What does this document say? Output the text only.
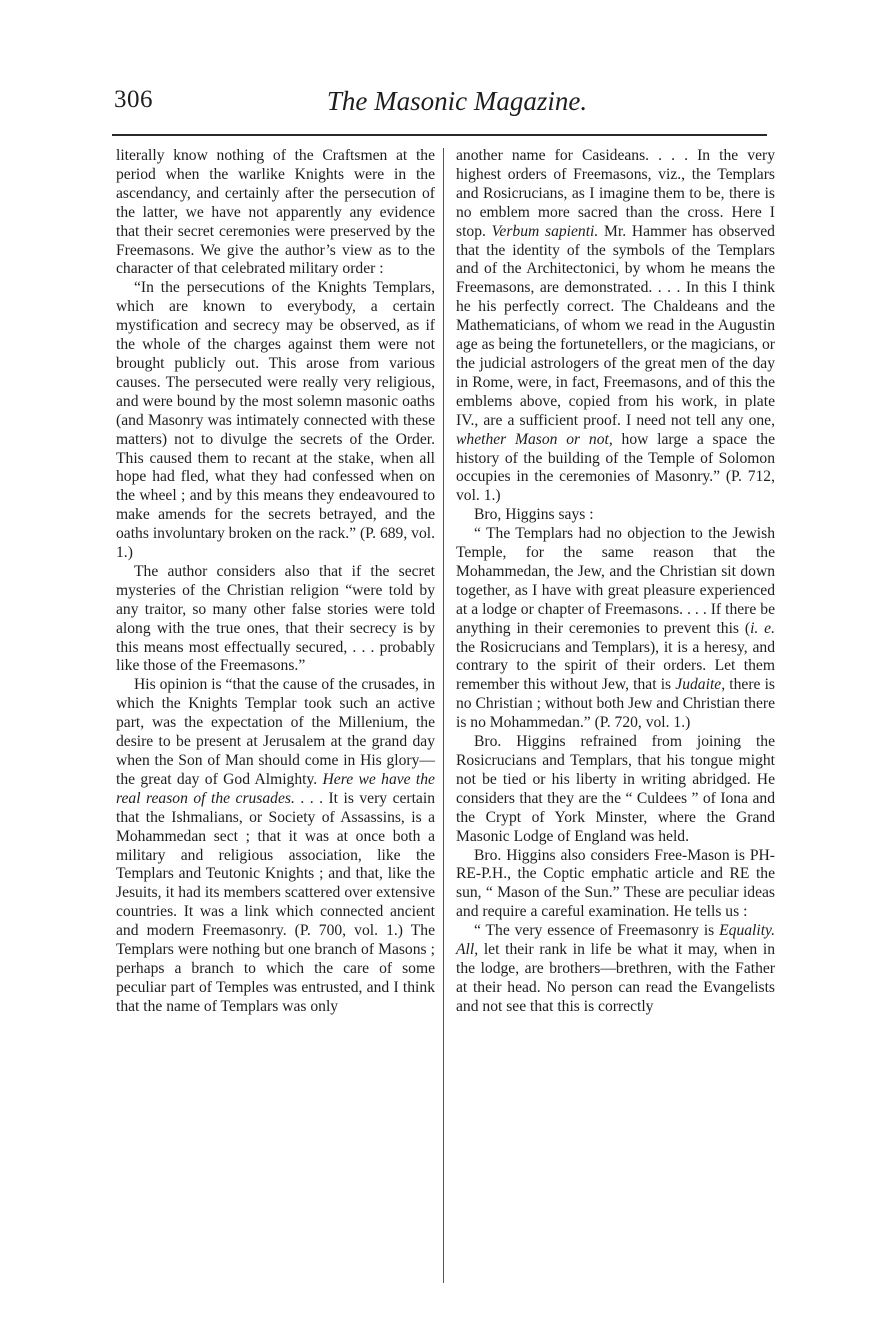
306	The Masonic Magazine.

literally know nothing of the Craftsmen at the period when the warlike Knights were in the ascendancy, and certainly after the persecution of the latter, we have not apparently any evidence that their secret ceremonies were preserved by the Freemasons. We give the author’s view as to the character of that celebrated military order :

“In the persecutions of the Knights Templars, which are known to everybody, a certain mystification and secrecy may be observed, as if the whole of the charges against them were not brought publicly out. This arose from various causes. The persecuted were really very religious, and were bound by the most solemn masonic oaths (and Masonry was intimately connected with these matters) not to divulge the secrets of the Order. This caused them to recant at the stake, when all hope had fled, what they had confessed when on the wheel ; and by this means they endeavoured to make amends for the secrets betrayed, and the oaths involuntary broken on the rack.” (P. 689, vol. 1.)

The author considers also that if the secret mysteries of the Christian religion “were told by any traitor, so many other false stories were told along with the true ones, that their secrecy is by this means most effectually secured, . . . probably like those of the Freemasons.”

His opinion is “that the cause of the crusades, in which the Knights Templar took such an active part, was the expectation of the Millenium, the desire to be present at Jerusalem at the grand day when the Son of Man should come in His glory—the great day of God Almighty. Here we have the real reason of the crusades. . . . It is very certain that the Ishmalians, or Society of Assassins, is a Mohammedan sect ; that it was at once both a military and religious association, like the Templars and Teutonic Knights ; and that, like the Jesuits, it had its members scattered over extensive countries. It was a link which connected ancient and modern Freemasonry. (P. 700, vol. 1.) The Templars were nothing but one branch of Masons ; perhaps a branch to which the care of some peculiar part of Temples was entrusted, and I think that the name of Templars was only

another name for Casideans. . . . In the very highest orders of Freemasons, viz., the Templars and Rosicrucians, as I imagine them to be, there is no emblem more sacred than the cross. Here I stop. Verbum sapienti. Mr. Hammer has observed that the identity of the symbols of the Templars and of the Architectonici, by whom he means the Freemasons, are demonstrated. . . . In this I think he his perfectly correct. The Chaldeans and the Mathematicians, of whom we read in the Augustin age as being the fortunetellers, or the magicians, or the judicial astrologers of the great men of the day in Rome, were, in fact, Freemasons, and of this the emblems above, copied from his work, in plate IV., are a sufficient proof. I need not tell any one, whether Mason or not, how large a space the history of the building of the Temple of Solomon occupies in the ceremonies of Masonry.” (P. 712, vol. 1.)

Bro, Higgins says :

“ The Templars had no objection to the Jewish Temple, for the same reason that the Mohammedan, the Jew, and the Christian sit down together, as I have with great pleasure experienced at a lodge or chapter of Freemasons. . . . If there be anything in their ceremonies to prevent this (i. e. the Rosicrucians and Templars), it is a heresy, and contrary to the spirit of their orders. Let them remember this without Jew, that is Judaite, there is no Christian ; without both Jew and Christian there is no Mohammedan.” (P. 720, vol. 1.)

Bro. Higgins refrained from joining the Rosicrucians and Templars, that his tongue might not be tied or his liberty in writing abridged. He considers that they are the “ Culdees ” of Iona and the Crypt of York Minster, where the Grand Masonic Lodge of England was held.

Bro. Higgins also considers Free-Mason is PH-RE-P.H., the Coptic emphatic article and RE the sun, “ Mason of the Sun.” These are peculiar ideas and require a careful examination. He tells us :

“ The very essence of Freemasonry is Equality. All, let their rank in life be what it may, when in the lodge, are brothers—brethren, with the Father at their head. No person can read the Evangelists and not see that this is correctly
